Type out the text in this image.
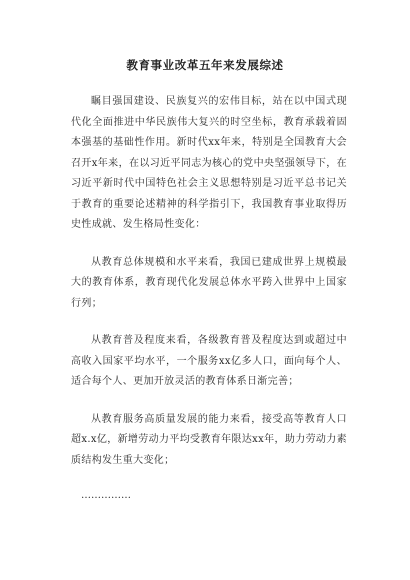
教育事业改革五年来发展综述

瞩目强国建设、民族复兴的宏伟目标，站在以中国式现代化全面推进中华民族伟大复兴的时空坐标，教育承载着固本强基的基础性作用。新时代xx年来，特别是全国教育大会召开x年来，在以习近平同志为核心的党中央坚强领导下，在习近平新时代中国特色社会主义思想特别是习近平总书记关于教育的重要论述精神的科学指引下，我国教育事业取得历史性成就、发生格局性变化：

从教育总体规模和水平来看，我国已建成世界上规模最大的教育体系，教育现代化发展总体水平跨入世界中上国家行列；

从教育普及程度来看，各级教育普及程度达到或超过中高收入国家平均水平，一个服务xx亿多人口，面向每个人、适合每个人、更加开放灵活的教育体系日渐完善；

从教育服务高质量发展的能力来看，接受高等教育人口超x.x亿，新增劳动力平均受教育年限达xx年，助力劳动力素质结构发生重大变化；

……………
